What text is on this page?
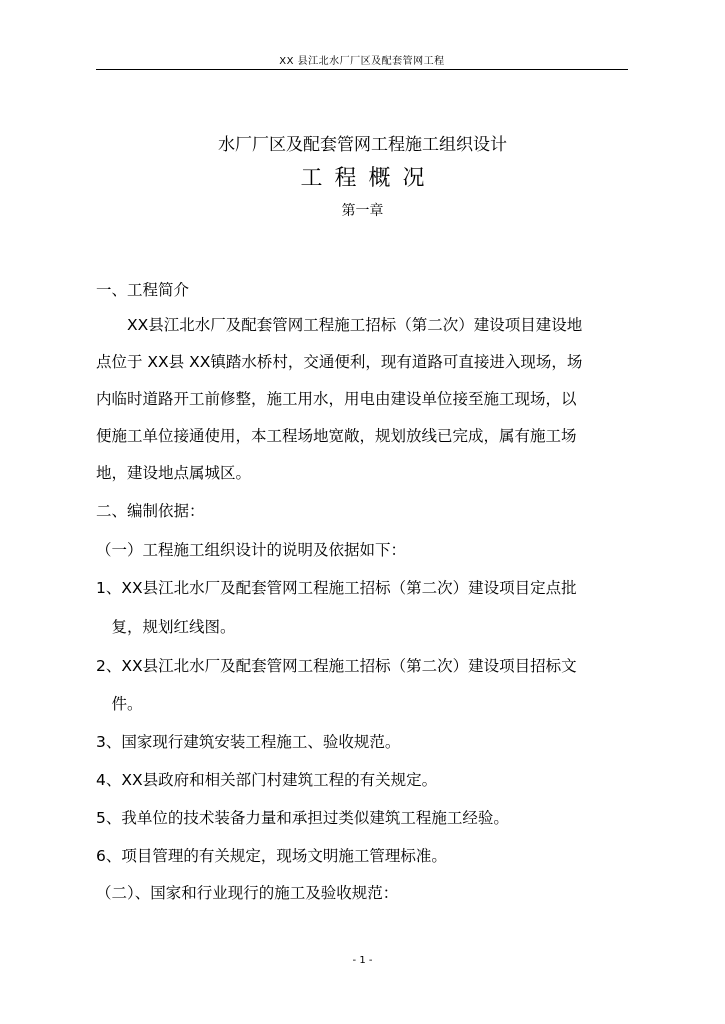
XX 县江北水厂厂区及配套管网工程
水厂厂区及配套管网工程施工组织设计
工程概况
第一章
一、工程简介
　　XX县江北水厂及配套管网工程施工招标（第二次）建设项目建设地
点位于 XX县 XX镇踏水桥村，交通便利，现有道路可直接进入现场，场
内临时道路开工前修整，施工用水，用电由建设单位接至施工现场，以
便施工单位接通使用，本工程场地宽敞，规划放线已完成，属有施工场
地，建设地点属城区。
二、编制依据：
（一）工程施工组织设计的说明及依据如下：
1、XX县江北水厂及配套管网工程施工招标（第二次）建设项目定点批
　复，规划红线图。
2、XX县江北水厂及配套管网工程施工招标（第二次）建设项目招标文
　件。
3、国家现行建筑安装工程施工、验收规范。
4、XX县政府和相关部门村建筑工程的有关规定。
5、我单位的技术装备力量和承担过类似建筑工程施工经验。
6、项目管理的有关规定，现场文明施工管理标准。
（二）、国家和行业现行的施工及验收规范：
- 1 -
